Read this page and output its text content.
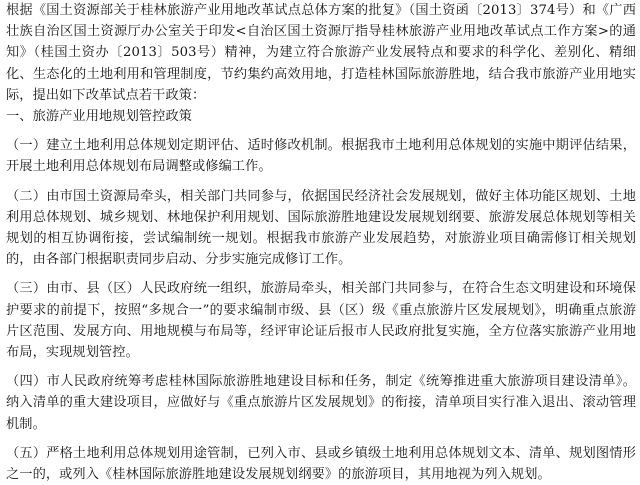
根据《国土资源部关于桂林旅游产业用地改革试点总体方案的批复》（国土资函〔2013〕374号）和《广西壮族自治区国土资源厅办公室关于印发<自治区国土资源厅指导桂林旅游产业用地改革试点工作方案>的通知》（桂国土资办〔2013〕503号）精神，为建立符合旅游产业发展特点和要求的科学化、差别化、精细化、生态化的土地利用和管理制度，节约集约高效用地，打造桂林国际旅游胜地，结合我市旅游产业用地实际，提出如下改革试点若干政策：

一、旅游产业用地规划管控政策

（一）建立土地利用总体规划定期评估、适时修改机制。根据我市土地利用总体规划的实施中期评估结果，开展土地利用总体规划布局调整或修编工作。

（二）由市国土资源局牵头，相关部门共同参与，依据国民经济社会发展规划，做好主体功能区规划、土地利用总体规划、城乡规划、林地保护利用规划、国际旅游胜地建设发展规划纲要、旅游发展总体规划等相关规划的相互协调衔接，尝试编制统一规划。根据我市旅游产业发展趋势，对旅游业项目确需修订相关规划的，由各部门根据职责同步启动、分步实施完成修订工作。

（三）由市、县（区）人民政府统一组织，旅游局牵头，相关部门共同参与，在符合生态文明建设和环境保护要求的前提下，按照“多规合一”的要求编制市级、县（区）级《重点旅游片区发展规划》，明确重点旅游片区范围、发展方向、用地规模与布局等，经评审论证后报市人民政府批复实施，全方位落实旅游产业用地布局，实现规划管控。

（四）市人民政府统筹考虑桂林国际旅游胜地建设目标和任务，制定《统筹推进重大旅游项目建设清单》。纳入清单的重大建设项目，应做好与《重点旅游片区发展规划》的衔接，清单项目实行准入退出、滚动管理机制。

（五）严格土地利用总体规划用途管制，已列入市、县或乡镇级土地利用总体规划文本、清单、规划图情形之一的，或列入《桂林国际旅游胜地建设发展规划纲要》的旅游项目，其用地视为列入规划。
